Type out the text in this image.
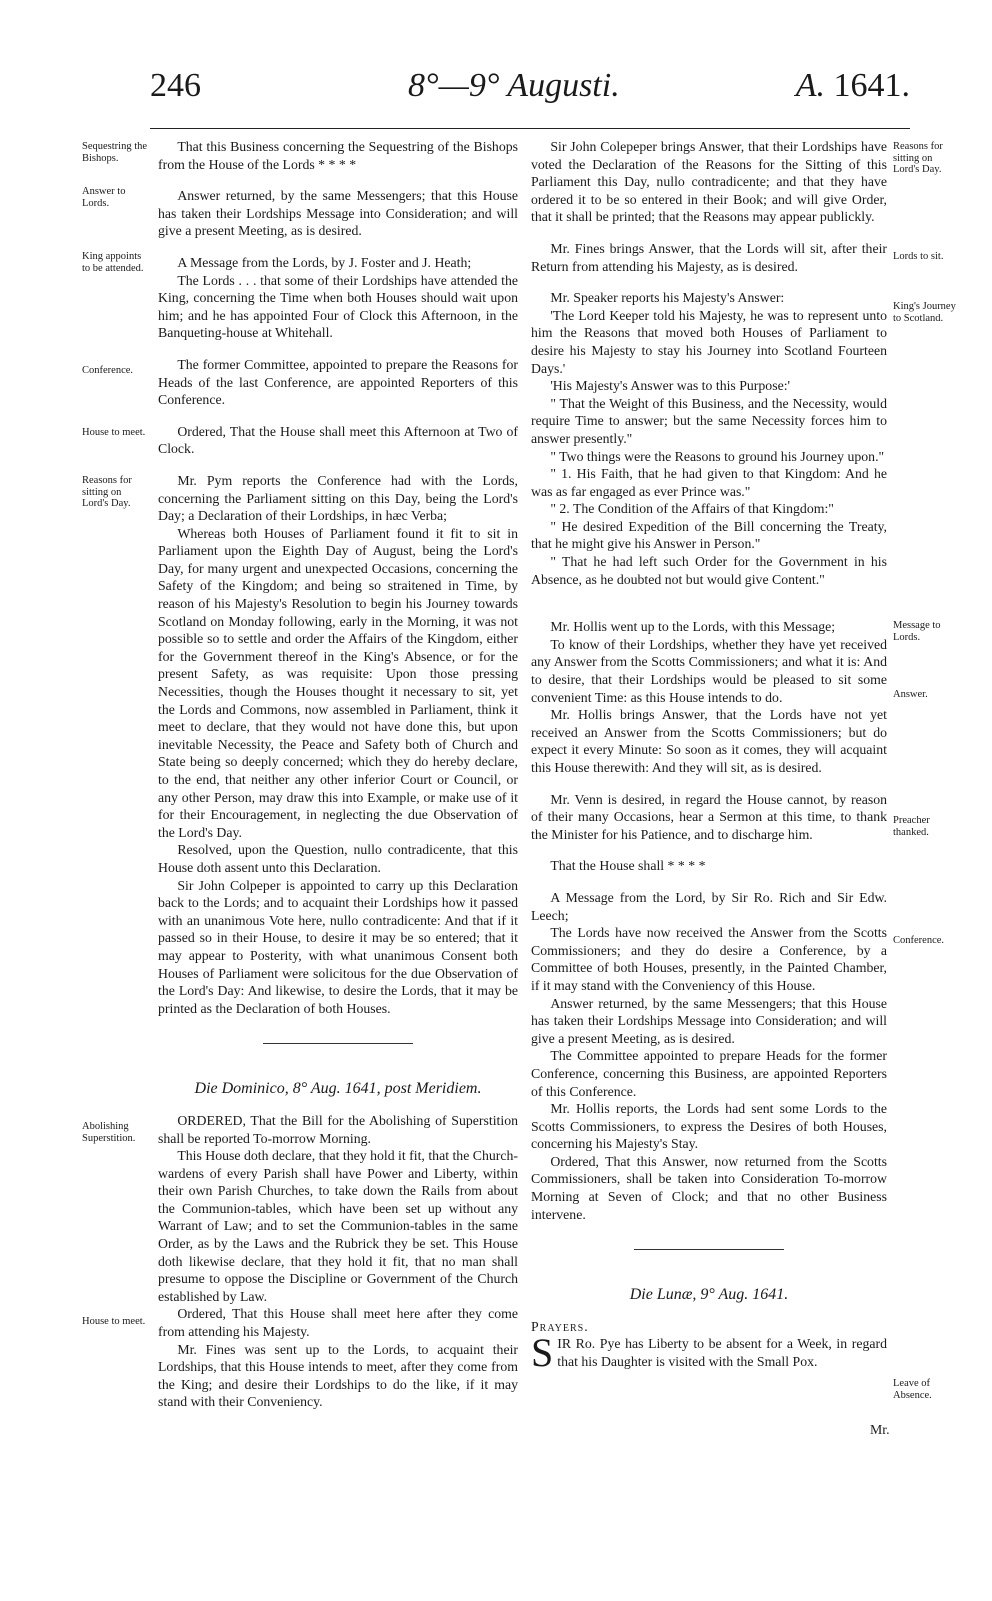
246	8°—9° Augusti.	A. 1641.
Sequestring the Bishops.
Answer to Lords.
King appoints to be attended.
Conference.
House to meet.
Reasons for sitting on Lord's Day.
Abolishing Superstition.
House to meet.
Reasons for sitting on Lord's Day.
Lords to sit.
King's Journey to Scotland.
Message to Lords.
Answer.
Preacher thanked.
Conference.
Leave of Absence.

That this Business concerning the Sequestring of the Bishops from the House of the Lords * * * *

Answer returned, by the same Messengers; that this House has taken their Lordships Message into Consideration; and will give a present Meeting, as is desired.

A Message from the Lords, by J. Foster and J. Heath;

The Lords . . . that some of their Lordships have attended the King, concerning the Time when both Houses should wait upon him; and he has appointed Four of Clock this Afternoon, in the Banqueting-house at Whitehall.

The former Committee, appointed to prepare the Reasons for Heads of the last Conference, are appointed Reporters of this Conference.

Ordered, That the House shall meet this Afternoon at Two of Clock.

Mr. Pym reports the Conference had with the Lords, concerning the Parliament sitting on this Day, being the Lord's Day; a Declaration of their Lordships, in hæc Verba;

Whereas both Houses of Parliament found it fit to sit in Parliament upon the Eighth Day of August, being the Lord's Day, for many urgent and unexpected Occasions, concerning the Safety of the Kingdom; and being so straitened in Time, by reason of his Majesty's Resolution to begin his Journey towards Scotland on Monday following, early in the Morning, it was not possible so to settle and order the Affairs of the Kingdom, either for the Government thereof in the King's Absence, or for the present Safety, as was requisite: Upon those pressing Necessities, though the Houses thought it necessary to sit, yet the Lords and Commons, now assembled in Parliament, think it meet to declare, that they would not have done this, but upon inevitable Necessity, the Peace and Safety both of Church and State being so deeply concerned; which they do hereby declare, to the end, that neither any other inferior Court or Council, or any other Person, may draw this into Example, or make use of it for their Encouragement, in neglecting the due Observation of the Lord's Day.

Resolved, upon the Question, nullo contradicente, that this House doth assent unto this Declaration.

Sir John Colpeper is appointed to carry up this Declaration back to the Lords; and to acquaint their Lordships how it passed with an unanimous Vote here, nullo contradicente: And that if it passed so in their House, to desire it may be so entered; that it may appear to Posterity, with what unanimous Consent both Houses of Parliament were solicitous for the due Observation of the Lord's Day: And likewise, to desire the Lords, that it may be printed as the Declaration of both Houses.

Die Dominico, 8° Aug. 1641, post Meridiem.

ORDERED, That the Bill for the Abolishing of Superstition shall be reported To-morrow Morning.

This House doth declare, that they hold it fit, that the Church-wardens of every Parish shall have Power and Liberty, within their own Parish Churches, to take down the Rails from about the Communion-tables, which have been set up without any Warrant of Law; and to set the Communion-tables in the same Order, as by the Laws and the Rubrick they be set. This House doth likewise declare, that they hold it fit, that no man shall presume to oppose the Discipline or Government of the Church established by Law.

Ordered, That this House shall meet here after they come from attending his Majesty.

Mr. Fines was sent up to the Lords, to acquaint their Lordships, that this House intends to meet, after they come from the King; and desire their Lordships to do the like, if it may stand with their Conveniency.

Sir John Colepeper brings Answer, that their Lordships have voted the Declaration of the Reasons for the Sitting of this Parliament this Day, nullo contradicente; and that they have ordered it to be so entered in their Book; and will give Order, that it shall be printed; that the Reasons may appear publickly.

Mr. Fines brings Answer, that the Lords will sit, after their Return from attending his Majesty, as is desired.

Mr. Speaker reports his Majesty's Answer:

'The Lord Keeper told his Majesty, he was to represent unto him the Reasons that moved both Houses of Parliament to desire his Majesty to stay his Journey into Scotland Fourteen Days.'

'His Majesty's Answer was to this Purpose:'

" That the Weight of this Business, and the Necessity, would require Time to answer; but the same Necessity forces him to answer presently."

" Two things were the Reasons to ground his Journey upon."

" 1. His Faith, that he had given to that Kingdom: And he was as far engaged as ever Prince was."

" 2. The Condition of the Affairs of that Kingdom:"

" He desired Expedition of the Bill concerning the Treaty, that he might give his Answer in Person."

" That he had left such Order for the Government in his Absence, as he doubted not but would give Content."

Mr. Hollis went up to the Lords, with this Message;

To know of their Lordships, whether they have yet received any Answer from the Scotts Commissioners; and what it is: And to desire, that their Lordships would be pleased to sit some convenient Time: as this House intends to do.

Mr. Hollis brings Answer, that the Lords have not yet received an Answer from the Scotts Commissioners; but do expect it every Minute: So soon as it comes, they will acquaint this House therewith: And they will sit, as is desired.

Mr. Venn is desired, in regard the House cannot, by reason of their many Occasions, hear a Sermon at this time, to thank the Minister for his Patience, and to discharge him.

That the House shall * * * *

A Message from the Lord, by Sir Ro. Rich and Sir Edw. Leech;

The Lords have now received the Answer from the Scotts Commissioners; and they do desire a Conference, by a Committee of both Houses, presently, in the Painted Chamber, if it may stand with the Conveniency of this House.

Answer returned, by the same Messengers; that this House has taken their Lordships Message into Consideration; and will give a present Meeting, as is desired.

The Committee appointed to prepare Heads for the former Conference, concerning this Business, are appointed Reporters of this Conference.

Mr. Hollis reports, the Lords had sent some Lords to the Scotts Commissioners, to express the Desires of both Houses, concerning his Majesty's Stay.

Ordered, That this Answer, now returned from the Scotts Commissioners, shall be taken into Consideration To-morrow Morning at Seven of Clock; and that no other Business intervene.

Die Lunæ, 9° Aug. 1641.

Prayers.

SIR Ro. Pye has Liberty to be absent for a Week, in regard that his Daughter is visited with the Small Pox.

Mr.
